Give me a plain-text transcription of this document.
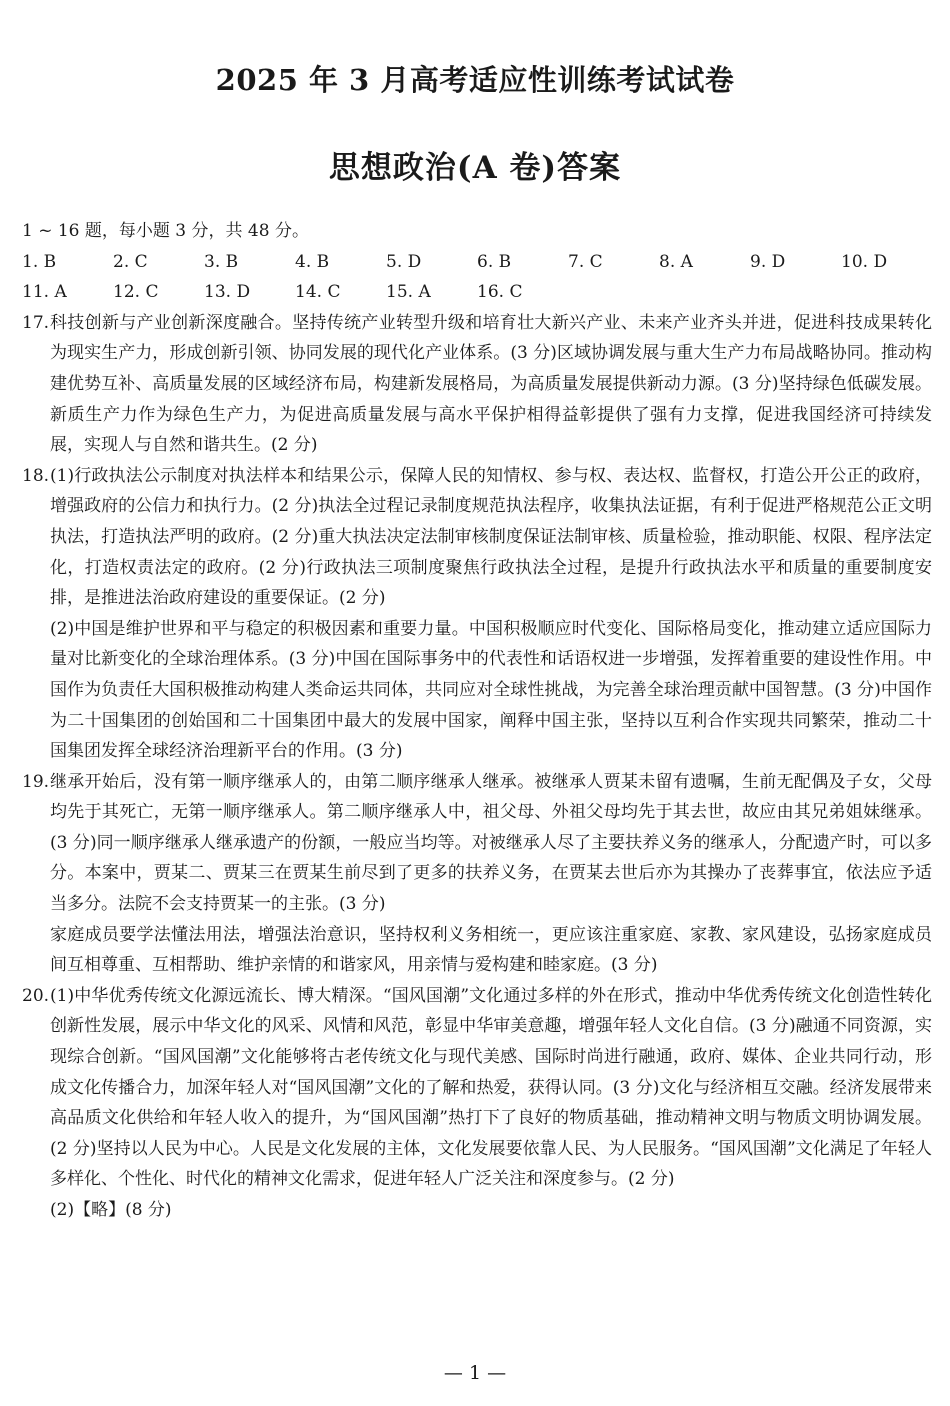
2025 年 3 月高考适应性训练考试试卷
思想政治(A 卷)答案
1 ~ 16 题，每小题 3 分，共 48 分。
1. B	2. C	3. B	4. B	5. D	6. B	7. C	8. A	9. D	10. D
11. A	12. C	13. D	14. C	15. A	16. C
17. 科技创新与产业创新深度融合。坚持传统产业转型升级和培育壮大新兴产业、未来产业齐头并进，促进科技成果转化为现实生产力，形成创新引领、协同发展的现代化产业体系。(3 分)区域协调发展与重大生产力布局战略协同。推动构建优势互补、高质量发展的区域经济布局，构建新发展格局，为高质量发展提供新动力源。(3 分)坚持绿色低碳发展。新质生产力作为绿色生产力，为促进高质量发展与高水平保护相得益彰提供了强有力支撑，促进我国经济可持续发展，实现人与自然和谐共生。(2 分)

18. (1)行政执法公示制度对执法样本和结果公示，保障人民的知情权、参与权、表达权、监督权，打造公开公正的政府，增强政府的公信力和执行力。(2 分)执法全过程记录制度规范执法程序，收集执法证据，有利于促进严格规范公正文明执法，打造执法严明的政府。(2 分)重大执法决定法制审核制度保证法制审核、质量检验，推动职能、权限、程序法定化，打造权责法定的政府。(2 分)行政执法三项制度聚焦行政执法全过程，是提升行政执法水平和质量的重要制度安排，是推进法治政府建设的重要保证。(2 分)

(2)中国是维护世界和平与稳定的积极因素和重要力量。中国积极顺应时代变化、国际格局变化，推动建立适应国际力量对比新变化的全球治理体系。(3 分)中国在国际事务中的代表性和话语权进一步增强，发挥着重要的建设性作用。中国作为负责任大国积极推动构建人类命运共同体，共同应对全球性挑战，为完善全球治理贡献中国智慧。(3 分)中国作为二十国集团的创始国和二十国集团中最大的发展中国家，阐释中国主张，坚持以互利合作实现共同繁荣，推动二十国集团发挥全球经济治理新平台的作用。(3 分)

19. 继承开始后，没有第一顺序继承人的，由第二顺序继承人继承。被继承人贾某未留有遗嘱，生前无配偶及子女，父母均先于其死亡，无第一顺序继承人。第二顺序继承人中，祖父母、外祖父母均先于其去世，故应由其兄弟姐妹继承。(3 分)同一顺序继承人继承遗产的份额，一般应当均等。对被继承人尽了主要扶养义务的继承人，分配遗产时，可以多分。本案中，贾某二、贾某三在贾某生前尽到了更多的扶养义务，在贾某去世后亦为其操办了丧葬事宜，依法应予适当多分。法院不会支持贾某一的主张。(3 分)

家庭成员要学法懂法用法，增强法治意识，坚持权利义务相统一，更应该注重家庭、家教、家风建设，弘扬家庭成员间互相尊重、互相帮助、维护亲情的和谐家风，用亲情与爱构建和睦家庭。(3 分)

20. (1)中华优秀传统文化源远流长、博大精深。“国风国潮”文化通过多样的外在形式，推动中华优秀传统文化创造性转化创新性发展，展示中华文化的风采、风情和风范，彰显中华审美意趣，增强年轻人文化自信。(3 分)融通不同资源，实现综合创新。“国风国潮”文化能够将古老传统文化与现代美感、国际时尚进行融通，政府、媒体、企业共同行动，形成文化传播合力，加深年轻人对“国风国潮”文化的了解和热爱，获得认同。(3 分)文化与经济相互交融。经济发展带来高品质文化供给和年轻人收入的提升，为“国风国潮”热打下了良好的物质基础，推动精神文明与物质文明协调发展。(2 分)坚持以人民为中心。人民是文化发展的主体，文化发展要依靠人民、为人民服务。“国风国潮”文化满足了年轻人多样化、个性化、时代化的精神文化需求，促进年轻人广泛关注和深度参与。(2 分)

(2)【略】(8 分)

— 1 —
